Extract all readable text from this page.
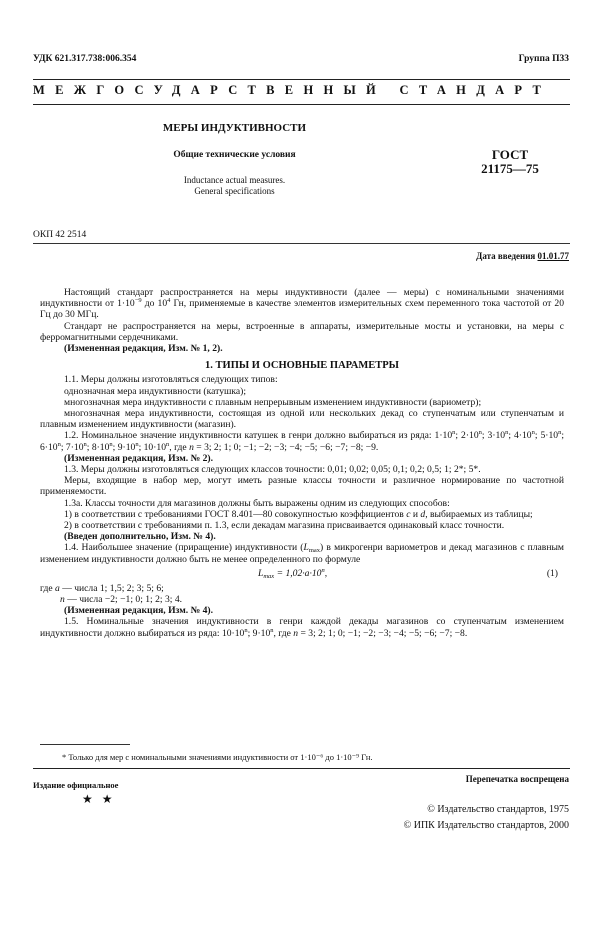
УДК 621.317.738:006.354	Группа П33
МЕЖГОСУДАРСТВЕННЫЙ СТАНДАРТ
МЕРЫ ИНДУКТИВНОСТИ
Общие технические условия
Inductance actual measures.
General specifications
ГОСТ
21175—75
ОКП 42 2514
Дата введения 01.01.77

Настоящий стандарт распространяется на меры индуктивности (далее — меры) с номинальными значениями индуктивности от $1\cdot 10^{-9}$ до $10^4$ Гн, применяемые в качестве элементов измерительных схем переменного тока частотой от 20 Гц до 30 МГц.

Стандарт не распространяется на меры, встроенные в аппараты, измерительные мосты и установки, на меры с ферромагнитными сердечниками.

(Измененная редакция, Изм. № 1, 2).

1. ТИПЫ И ОСНОВНЫЕ ПАРАМЕТРЫ

1.1. Меры должны изготовляться следующих типов:

однозначная мера индуктивности (катушка);

многозначная мера индуктивности с плавным непрерывным изменением индуктивности (вариометр);

многозначная мера индуктивности, состоящая из одной или нескольких декад со ступенчатым или ступенчатым и плавным изменением индуктивности (магазин).

1.2. Номинальное значение индуктивности катушек в генри должно выбираться из ряда: $1\cdot 10^n$; $2\cdot 10^n$; $3\cdot 10^n$; $4\cdot 10^n$; $5\cdot 10^n$; $6\cdot 10^n$; $7\cdot 10^n$; $8\cdot 10^n$; $9\cdot 10^n$; $10\cdot 10^n$, где n = 3; 2; 1; 0; −1; −2; −3; −4; −5; −6; −7; −8; −9.

(Измененная редакция, Изм. № 2).

1.3. Меры должны изготовляться следующих классов точности: 0,01; 0,02; 0,05; 0,1; 0,2; 0,5; 1; 2*; 5*.

Меры, входящие в набор мер, могут иметь разные классы точности и различное нормирование по частотной применяемости.

1.3а. Классы точности для магазинов должны быть выражены одним из следующих способов:

1) в соответствии с требованиями ГОСТ 8.401—80 совокупностью коэффициентов c и d, выбираемых из таблицы;

2) в соответствии с требованиями п. 1.3, если декадам магазина присваивается одинаковый класс точности.

(Введен дополнительно, Изм. № 4).

1.4. Наибольшее значение (приращение) индуктивности $(L_{max})$ в микрогенри вариометров и декад магазинов с плавным изменением индуктивности должно быть не менее определенного по формуле

$L_{max} = 1,02\cdot a\cdot 10^n$,	(1)

где a — числа 1; 1,5; 2; 3; 5; 6;

n — числа −2; −1; 0; 1; 2; 3; 4.

(Измененная редакция, Изм. № 4).

1.5. Номинальные значения индуктивности в генри каждой декады магазинов со ступенчатым изменением индуктивности должно выбираться из ряда: $10\cdot 10^n$; $9\cdot 10^n$, где n = 3; 2; 1; 0; −1; −2; −3; −4; −5; −6; −7; −8.

* Только для мер с номинальными значениями индуктивности от 1·10⁻⁶ до 1·10⁻⁹ Гн.
Издание официальное
★ ★
Перепечатка воспрещена
© Издательство стандартов, 1975
© ИПК Издательство стандартов, 2000
